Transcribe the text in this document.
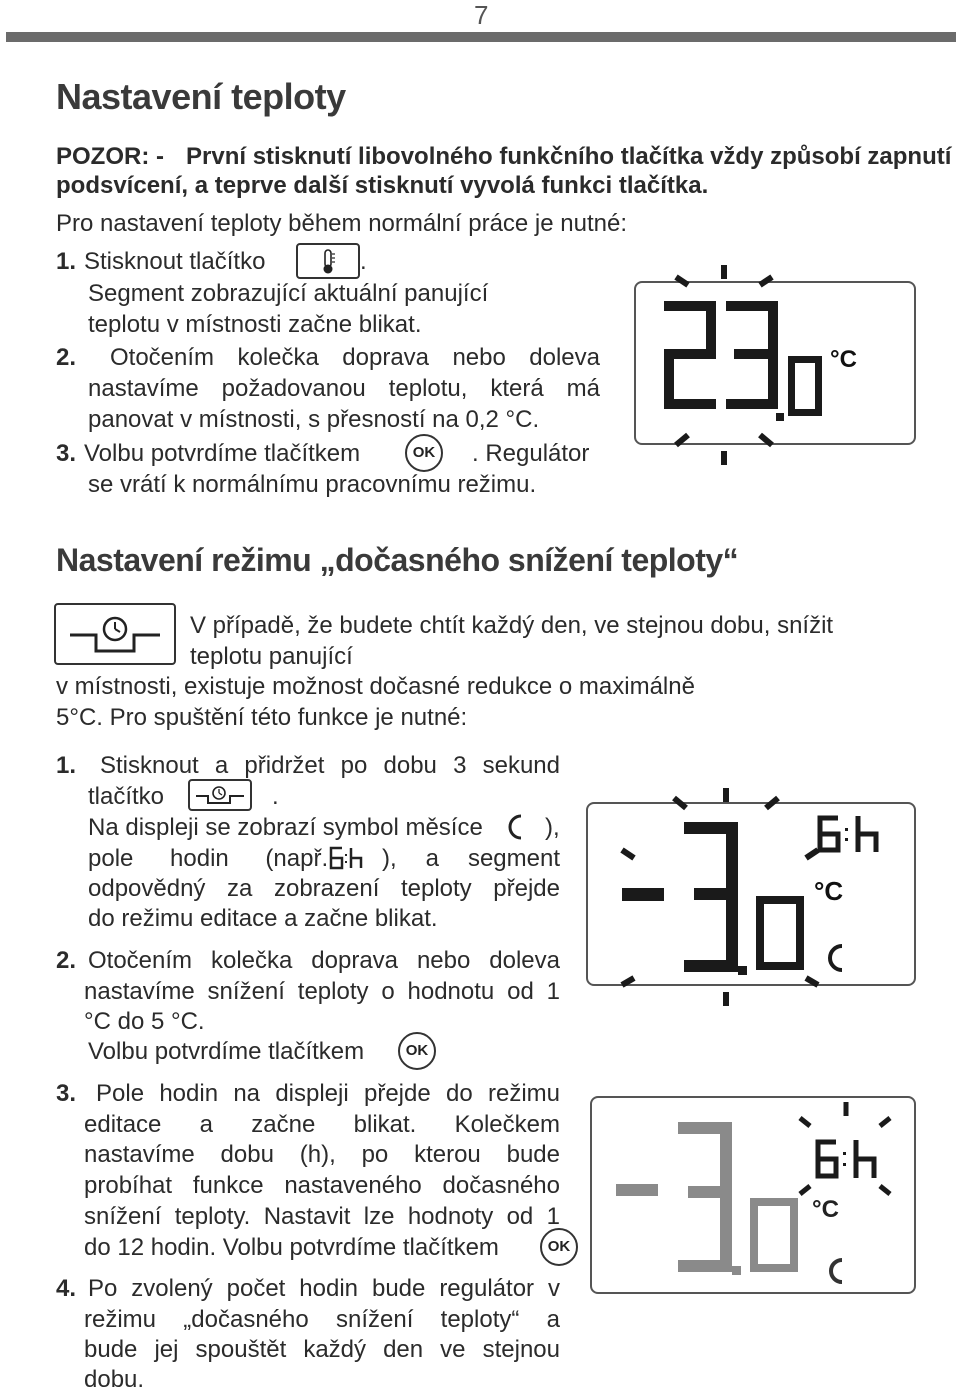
7
Nastavení teploty
POZOR: - První stisknutí libovolného funkčního tlačítka vždy způsobí zapnutí
podsvícení, a teprve další stisknutí vyvolá funkci tlačítka.
Pro nastavení teploty během normální práce je nutné:
1. Stisknout tlačítko	.
Segment zobrazující aktuální panující
teplotu v místnosti začne blikat.
2. Otočením kolečka doprava nebo doleva
nastavíme požadovanou teplotu, která má
panovat v místnosti, s přesností na 0,2 °C.
3. Volbu potvrdíme tlačítkem	OK	. Regulátor
se vrátí k normálnímu pracovnímu režimu.
°C
Nastavení režimu „dočasného snížení teploty“
V případě, že budete chtít každý den, ve stejnou dobu, snížit
teplotu panující
v místnosti, existuje možnost dočasné redukce o maximálně
5°C. Pro spuštění této funkce je nutné:
1. Stisknout a přidržet po dobu 3 sekund
tlačítko	.
Na displeji se zobrazí symbol měsíce	),
pole hodin (např. ), a segment
odpovědný za zobrazení teploty přejde
do režimu editace a začne blikat.
2. Otočením kolečka doprava nebo doleva
nastavíme snížení teploty o hodnotu od 1
°C do 5 °C.
Volbu potvrdíme tlačítkem	OK
3. Pole hodin na displeji přejde do režimu
editace a začne blikat. Kolečkem
nastavíme dobu (h), po kterou bude
probíhat funkce nastaveného dočasného
snížení teploty. Nastavit lze hodnoty od 1
do 12 hodin. Volbu potvrdíme tlačítkem	OK
4. Po zvolený počet hodin bude regulátor v
režimu „dočasného snížení teploty“ a
bude jej spouštět každý den ve stejnou
dobu.
°C
°C
